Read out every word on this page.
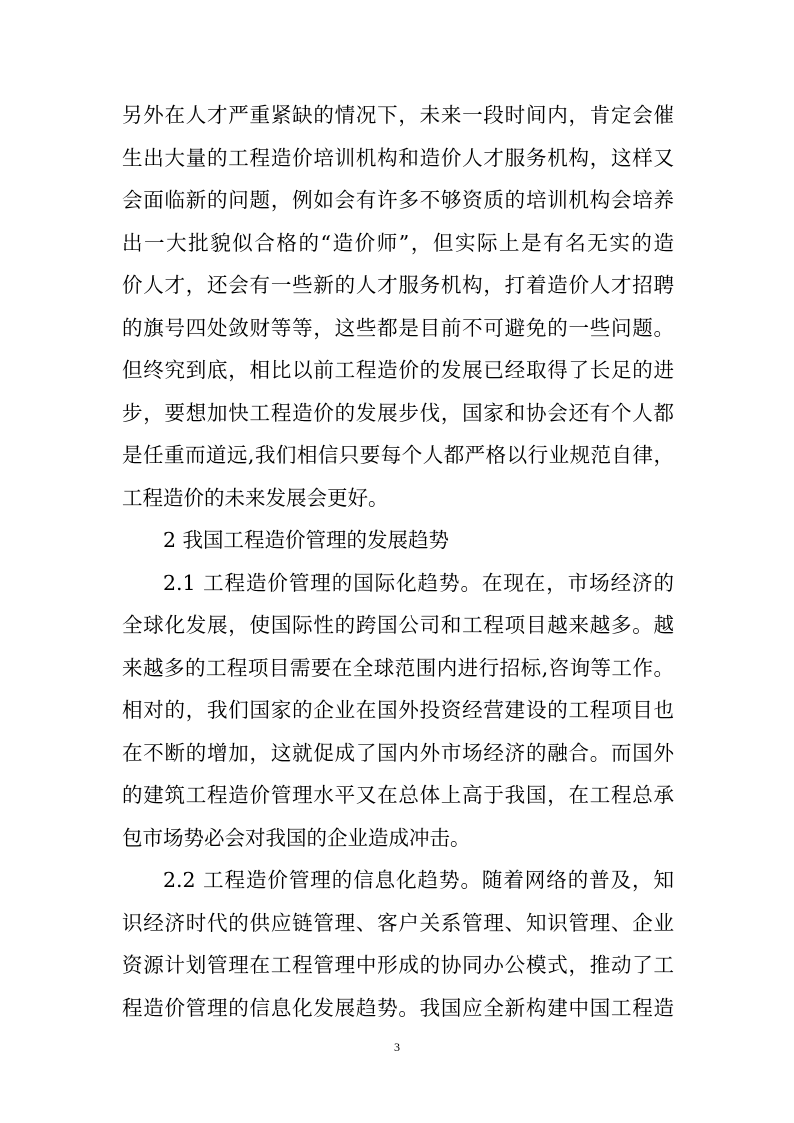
另外在人才严重紧缺的情况下，未来一段时间内，肯定会催
生出大量的工程造价培训机构和造价人才服务机构，这样又
会面临新的问题，例如会有许多不够资质的培训机构会培养
出一大批貌似合格的“造价师”，但实际上是有名无实的造
价人才，还会有一些新的人才服务机构，打着造价人才招聘
的旗号四处敛财等等，这些都是目前不可避免的一些问题。
但终究到底，相比以前工程造价的发展已经取得了长足的进
步，要想加快工程造价的发展步伐，国家和协会还有个人都
是任重而道远,我们相信只要每个人都严格以行业规范自律，
工程造价的未来发展会更好。
2 我国工程造价管理的发展趋势
2.1 工程造价管理的国际化趋势。在现在，市场经济的
全球化发展，使国际性的跨国公司和工程项目越来越多。越
来越多的工程项目需要在全球范围内进行招标,咨询等工作。
相对的，我们国家的企业在国外投资经营建设的工程项目也
在不断的增加，这就促成了国内外市场经济的融合。而国外
的建筑工程造价管理水平又在总体上高于我国，在工程总承
包市场势必会对我国的企业造成冲击。
2.2 工程造价管理的信息化趋势。随着网络的普及，知
识经济时代的供应链管理、客户关系管理、知识管理、企业
资源计划管理在工程管理中形成的协同办公模式，推动了工
程造价管理的信息化发展趋势。我国应全新构建中国工程造
3
